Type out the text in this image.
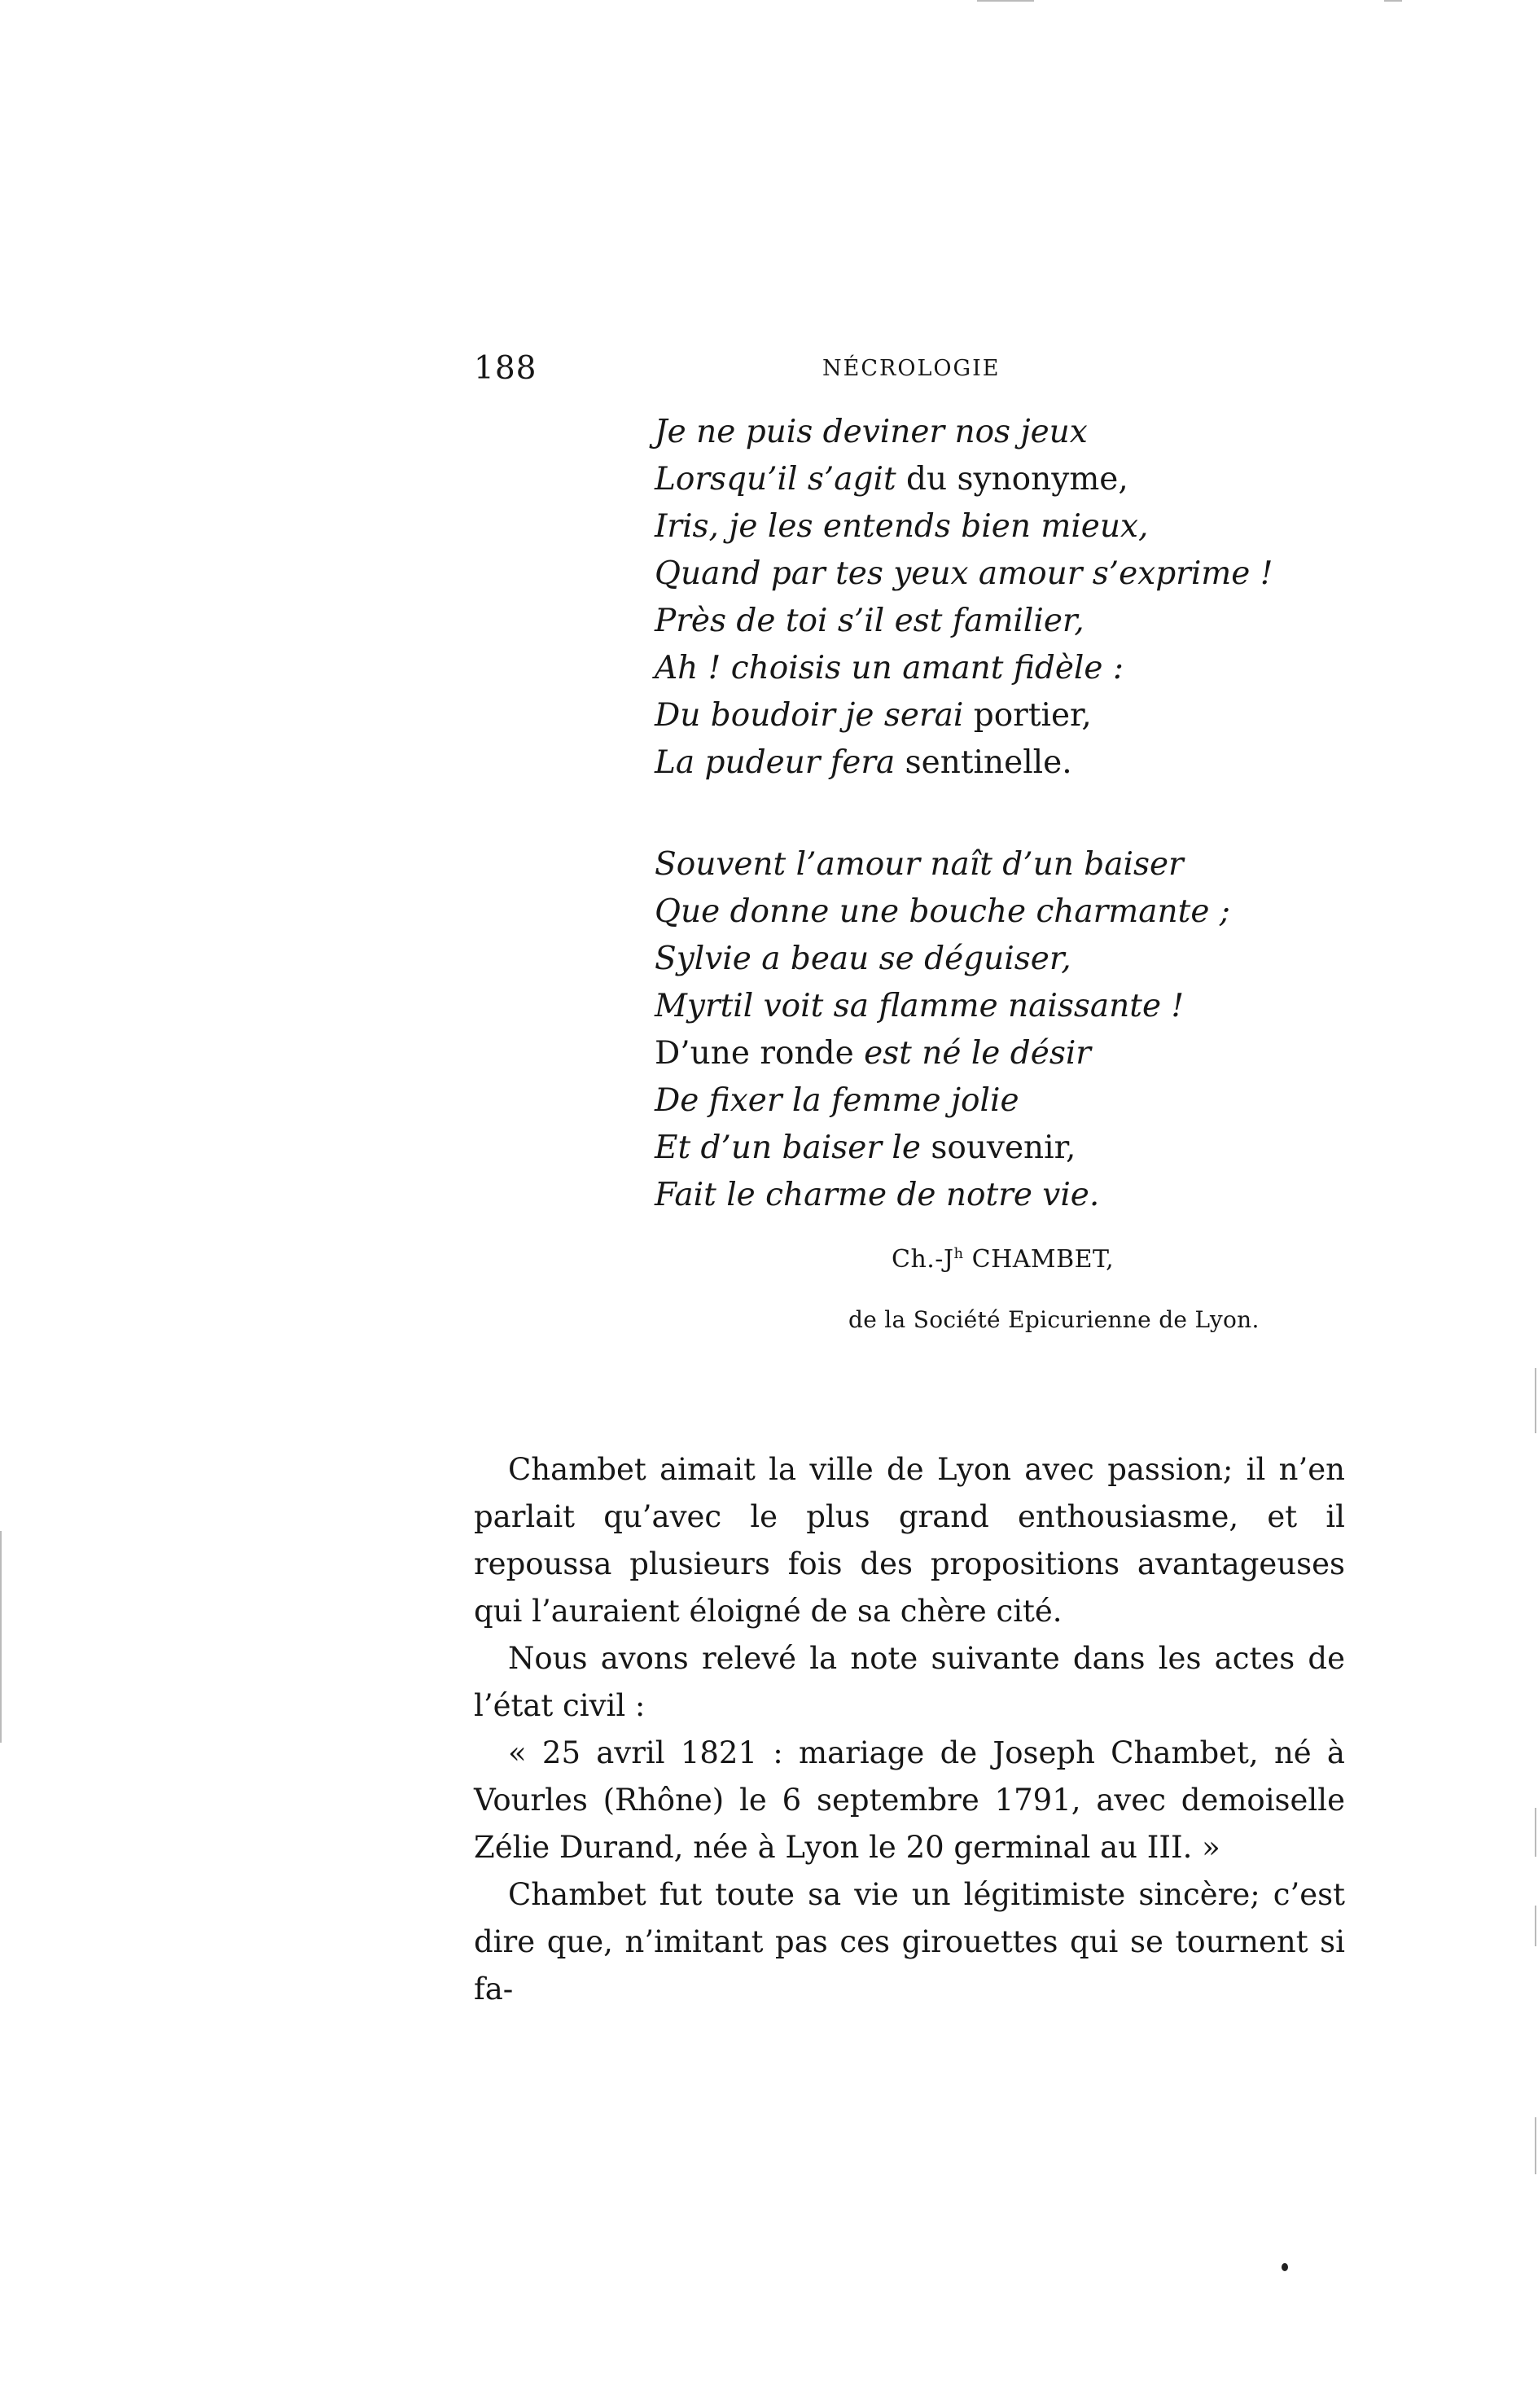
188	NÉCROLOGIE
Je ne puis deviner nos jeux
Lorsqu’il s’agit du synonyme,
Iris, je les entends bien mieux,
Quand par tes yeux amour s’exprime !
Près de toi s’il est familier,
Ah ! choisis un amant fidèle :
Du boudoir je serai portier,
La pudeur fera sentinelle.
Souvent l’amour naît d’un baiser
Que donne une bouche charmante ;
Sylvie a beau se déguiser,
Myrtil voit sa flamme naissante !
D’une ronde est né le désir
De fixer la femme jolie
Et d’un baiser le souvenir,
Fait le charme de notre vie.
$Ch.-J^h$ CHAMBET,
de la Société Epicurienne de Lyon.

Chambet aimait la ville de Lyon avec passion; il n’en parlait qu’avec le plus grand enthousiasme, et il repoussa plusieurs fois des propositions avantageuses qui l’auraient éloigné de sa chère cité.

Nous avons relevé la note suivante dans les actes de l’état civil :

« 25 avril 1821 : mariage de Joseph Chambet, né à Vourles (Rhône) le 6 septembre 1791, avec demoiselle Zélie Durand, née à Lyon le 20 germinal au III. »

Chambet fut toute sa vie un légitimiste sincère; c’est dire que, n’imitant pas ces girouettes qui se tournent si fa-
